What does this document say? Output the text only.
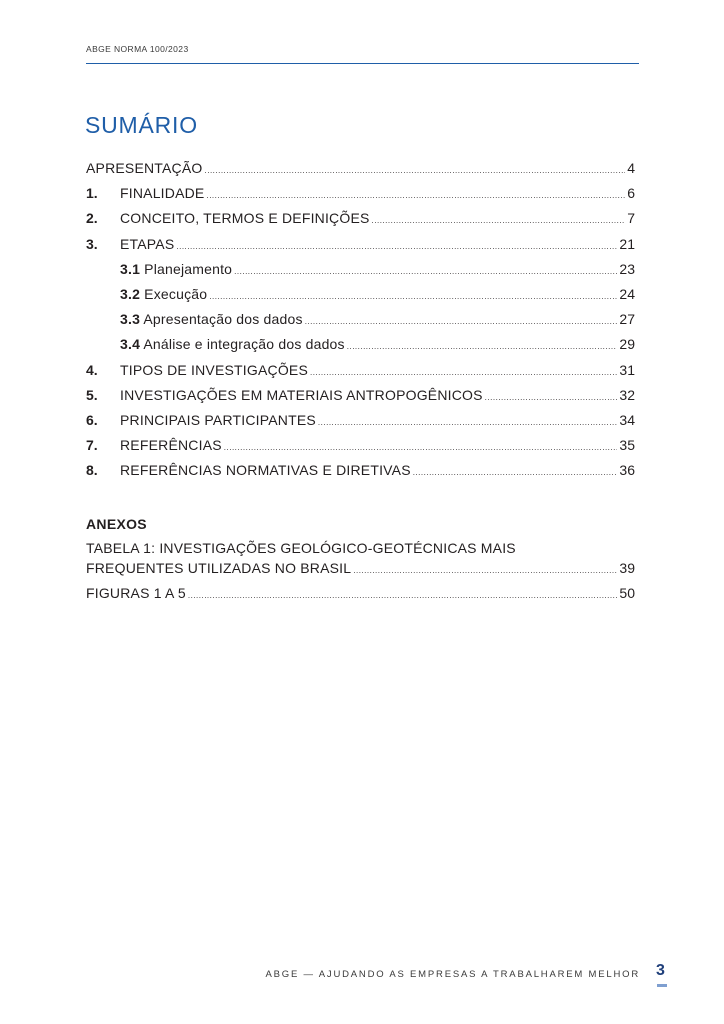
ABGE NORMA 100/2023
SUMÁRIO
APRESENTAÇÃO .....	4
1.	FINALIDADE .....	6
2.	CONCEITO, TERMOS E DEFINIÇÕES .....	7
3.	ETAPAS .....	21
3.1 Planejamento .....	23
3.2 Execução .....	24
3.3 Apresentação dos dados .....	27
3.4 Análise e integração dos dados .....	29
4.	TIPOS DE INVESTIGAÇÕES .....	31
5.	INVESTIGAÇÕES EM MATERIAIS ANTROPOGÊNICOS .....	32
6.	PRINCIPAIS PARTICIPANTES .....	34
7.	REFERÊNCIAS .....	35
8.	REFERÊNCIAS NORMATIVAS E DIRETIVAS .....	36
ANEXOS
TABELA 1: INVESTIGAÇÕES GEOLÓGICO-GEOTÉCNICAS MAIS
FREQUENTES UTILIZADAS NO BRASIL .....	39
FIGURAS 1 A 5 .....	50
ABGE — AJUDANDO AS EMPRESAS A TRABALHAREM MELHOR 3
